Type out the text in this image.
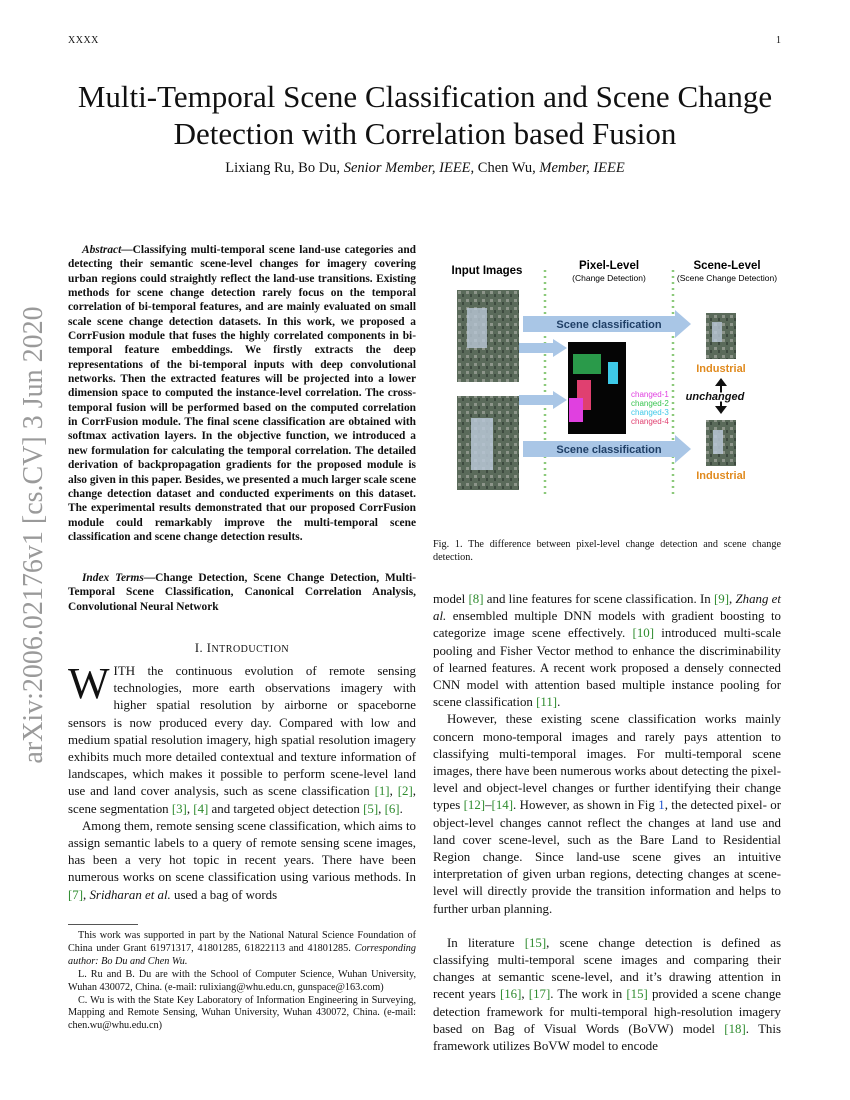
XXXX	1
arXiv:2006.02176v1 [cs.CV] 3 Jun 2020
Multi-Temporal Scene Classification and Scene Change Detection with Correlation based Fusion
Lixiang Ru, Bo Du, Senior Member, IEEE, Chen Wu, Member, IEEE
Abstract—Classifying multi-temporal scene land-use categories and detecting their semantic scene-level changes for imagery covering urban regions could straightly reflect the land-use transitions. Existing methods for scene change detection rarely focus on the temporal correlation of bi-temporal features, and are mainly evaluated on small scale scene change detection datasets. In this work, we proposed a CorrFusion module that fuses the highly correlated components in bi-temporal feature embeddings. We firstly extracts the deep representations of the bi-temporal inputs with deep convolutional networks. Then the extracted features will be projected into a lower dimension space to computed the instance-level correlation. The cross-temporal fusion will be performed based on the computed correlation in CorrFusion module. The final scene classification are obtained with softmax activation layers. In the objective function, we introduced a new formulation for calculating the temporal correlation. The detailed derivation of backpropagation gradients for the proposed module is also given in this paper. Besides, we presented a much larger scale scene change detection dataset and conducted experiments on this dataset. The experimental results demonstrated that our proposed CorrFusion module could remarkably improve the multi-temporal scene classification and scene change detection results.
Index Terms—Change Detection, Scene Change Detection, Multi-Temporal Scene Classification, Canonical Correlation Analysis, Convolutional Neural Network
I. INTRODUCTION

WITH the continuous evolution of remote sensing technologies, more earth observations imagery with higher spatial resolution by airborne or spaceborne sensors is now produced every day. Compared with low and medium spatial resolution imagery, high spatial resolution imagery exhibits much more detailed contextual and texture information of landscapes, which makes it possible to perform scene-level land use and land cover analysis, such as scene classification [1], [2], scene segmentation [3], [4] and targeted object detection [5], [6].

Among them, remote sensing scene classification, which aims to assign semantic labels to a query of remote sensing scene images, has been a very hot topic in recent years. There have been numerous works on scene classification using various methods. In [7], Sridharan et al. used a bag of words

This work was supported in part by the National Natural Science Foundation of China under Grant 61971317, 41801285, 61822113 and 41801285. Corresponding author: Bo Du and Chen Wu.

L. Ru and B. Du are with the School of Computer Science, Wuhan University, Wuhan 430072, China. (e-mail: rulixiang@whu.edu.cn, gunspace@163.com)

C. Wu is with the State Key Laboratory of Information Engineering in Surveying, Mapping and Remote Sensing, Wuhan University, Wuhan 430072, China. (e-mail: chen.wu@whu.edu.cn)

Input Images	Pixel-Level
(Change Detection)
Scene-Level
(Scene Change Detection)
Scene classification
Scene classification
changed-1
changed-2
changed-3
changed-4
Industrial
Industrial
unchanged
Fig. 1. The difference between pixel-level change detection and scene change detection.

model [8] and line features for scene classification. In [9], Zhang et al. ensembled multiple DNN models with gradient boosting to categorize image scene effectively. [10] introduced multi-scale pooling and Fisher Vector method to enhance the discriminability of learned features. A recent work proposed a densely connected CNN model with attention based multiple instance pooling for scene classification [11].

However, these existing scene classification works mainly concern mono-temporal images and rarely pays attention to classifying multi-temporal images. For multi-temporal scene images, there have been numerous works about detecting the pixel-level and object-level changes or further identifying their change types [12]–[14]. However, as shown in Fig 1, the detected pixel- or object-level changes cannot reflect the changes at land use and land cover scene-level, such as the Bare Land to Residential Region change. Since land-use scene gives an intuitive interpretation of given urban regions, detecting changes at scene-level will directly provide the transition information and helps to further urban planning.

In literature [15], scene change detection is defined as classifying multi-temporal scene images and comparing their changes at semantic scene-level, and it’s drawing attention in recent years [16], [17]. The work in [15] provided a scene change detection framework for multi-temporal high-resolution imagery based on Bag of Visual Words (BoVW) model [18]. This framework utilizes BoVW model to encode
